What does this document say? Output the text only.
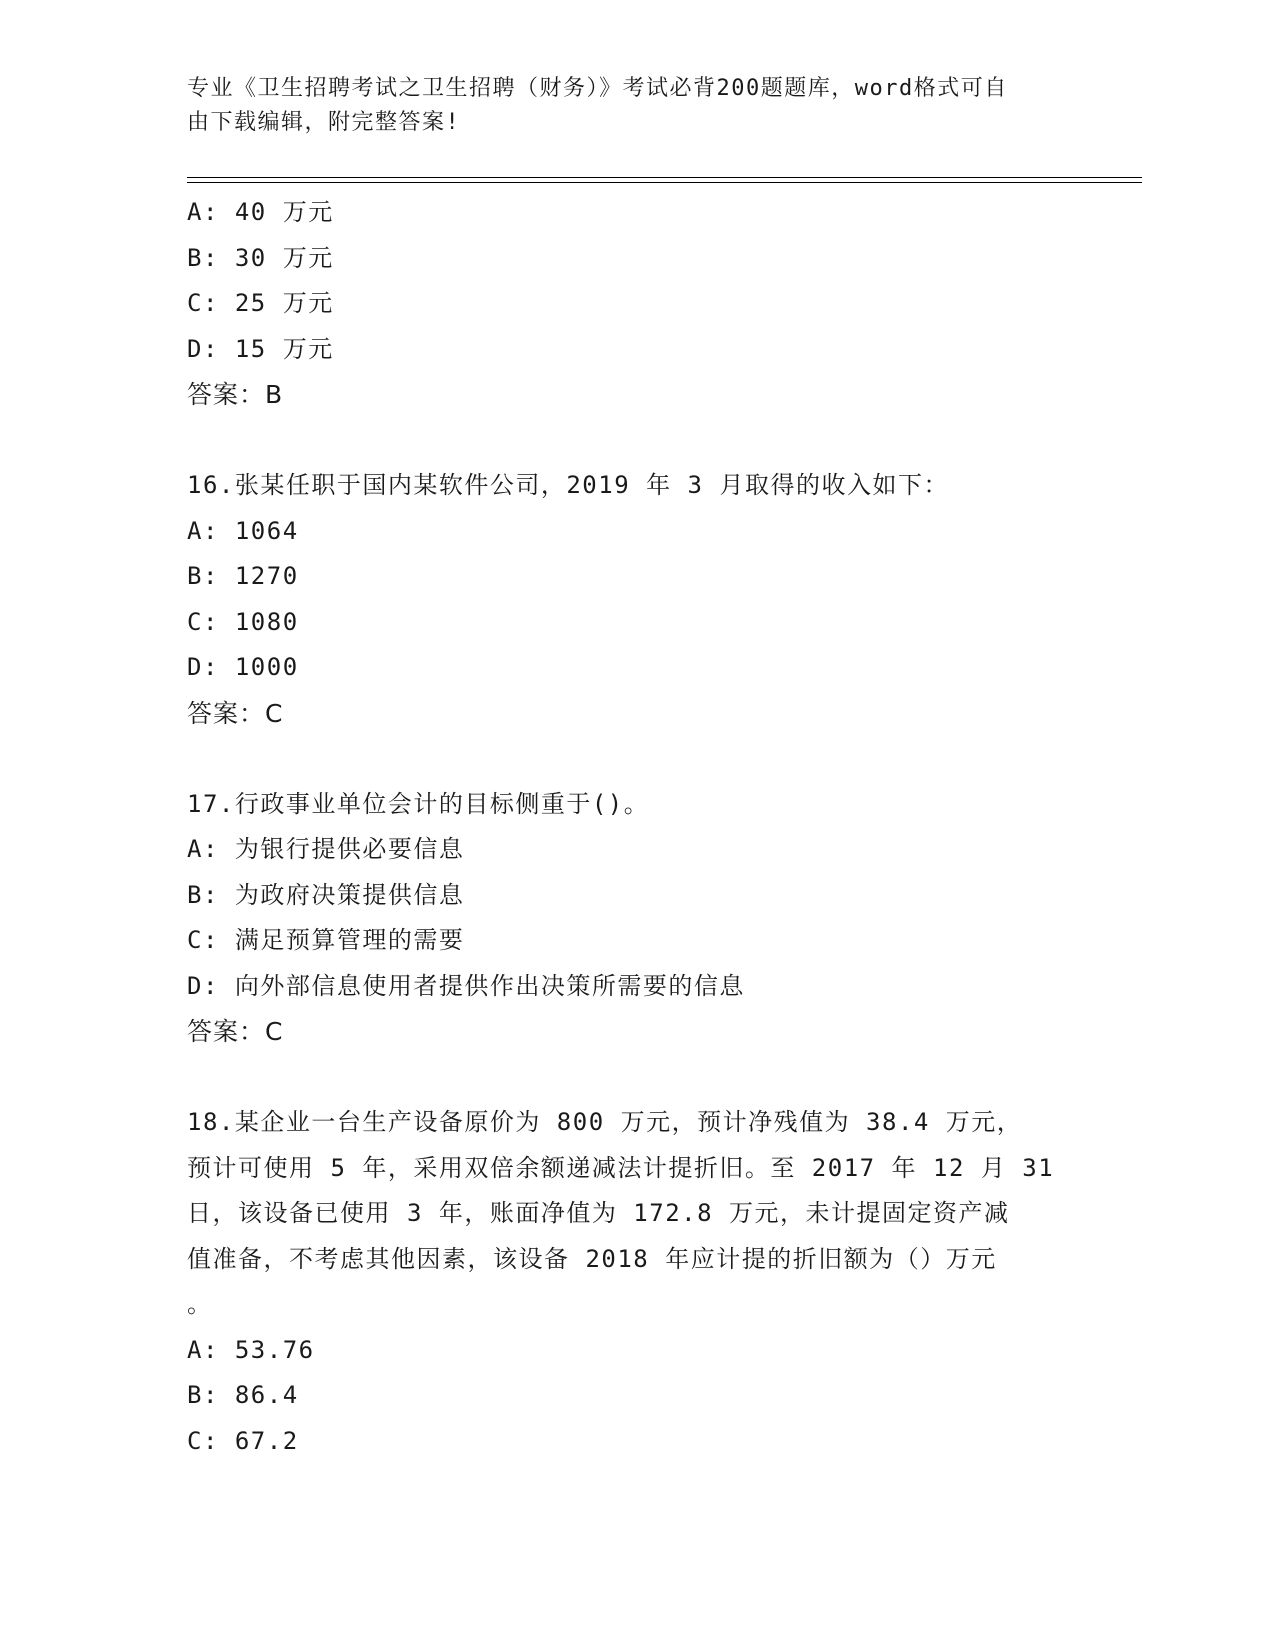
专业《卫生招聘考试之卫生招聘（财务）》考试必背200题题库，word格式可自
由下载编辑，附完整答案!
A: 40 万元
B: 30 万元
C: 25 万元
D: 15 万元
答案：B
16.张某任职于国内某软件公司，2019 年 3 月取得的收入如下：
A: 1064
B: 1270
C: 1080
D: 1000
答案：C
17.行政事业单位会计的目标侧重于()。
A: 为银行提供必要信息
B: 为政府决策提供信息
C: 满足预算管理的需要
D: 向外部信息使用者提供作出决策所需要的信息
答案：C
18.某企业一台生产设备原价为 800 万元，预计净残值为 38.4 万元，
预计可使用 5 年，采用双倍余额递减法计提折旧。至 2017 年 12 月 31
日，该设备已使用 3 年，账面净值为 172.8 万元，未计提固定资产减
值准备，不考虑其他因素，该设备 2018 年应计提的折旧额为（）万元
。
A: 53.76
B: 86.4
C: 67.2
